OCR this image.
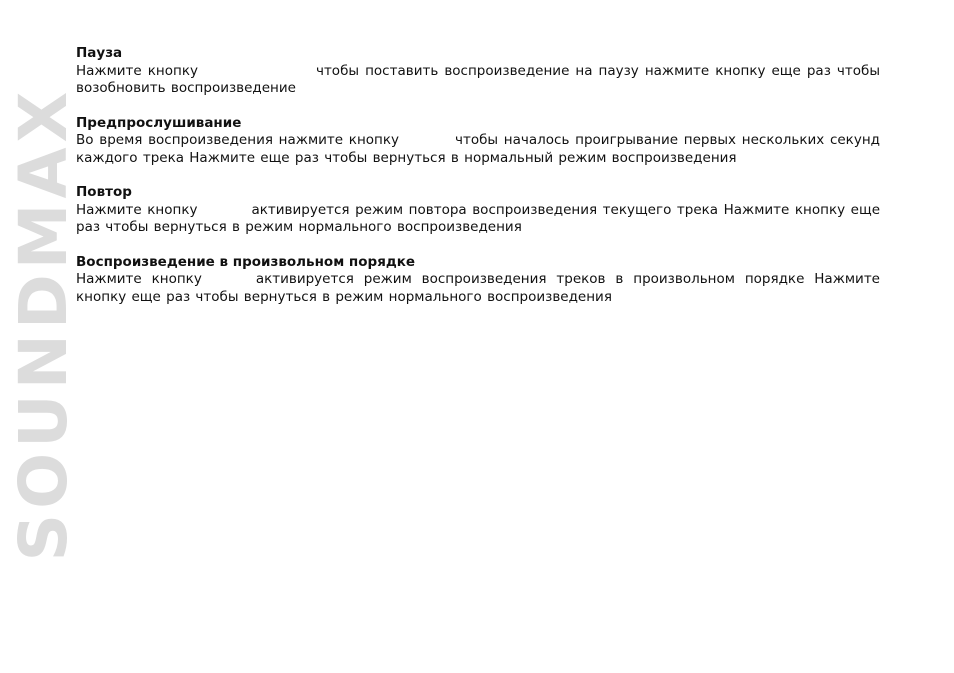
SOUNDMAX
Пауза
Нажмите кнопку	чтобы поставить воспроизведение на паузу нажмите кнопку еще раз чтобы возобновить воспроизведение
Предпрослушивание
Во время воспроизведения нажмите кнопку	чтобы началось проигрывание первых нескольких секунд каждого трека Нажмите еще раз чтобы вернуться в нормальный режим воспроизведения
Повтор
Нажмите кнопку	активируется режим повтора воспроизведения текущего трека Нажмите кнопку еще раз чтобы вернуться в режим нормального воспроизведения
Воспроизведение в произвольном порядке
Нажмите кнопку	активируется режим воспроизведения треков в произвольном порядке Нажмите кнопку еще раз чтобы вернуться в режим нормального воспроизведения
